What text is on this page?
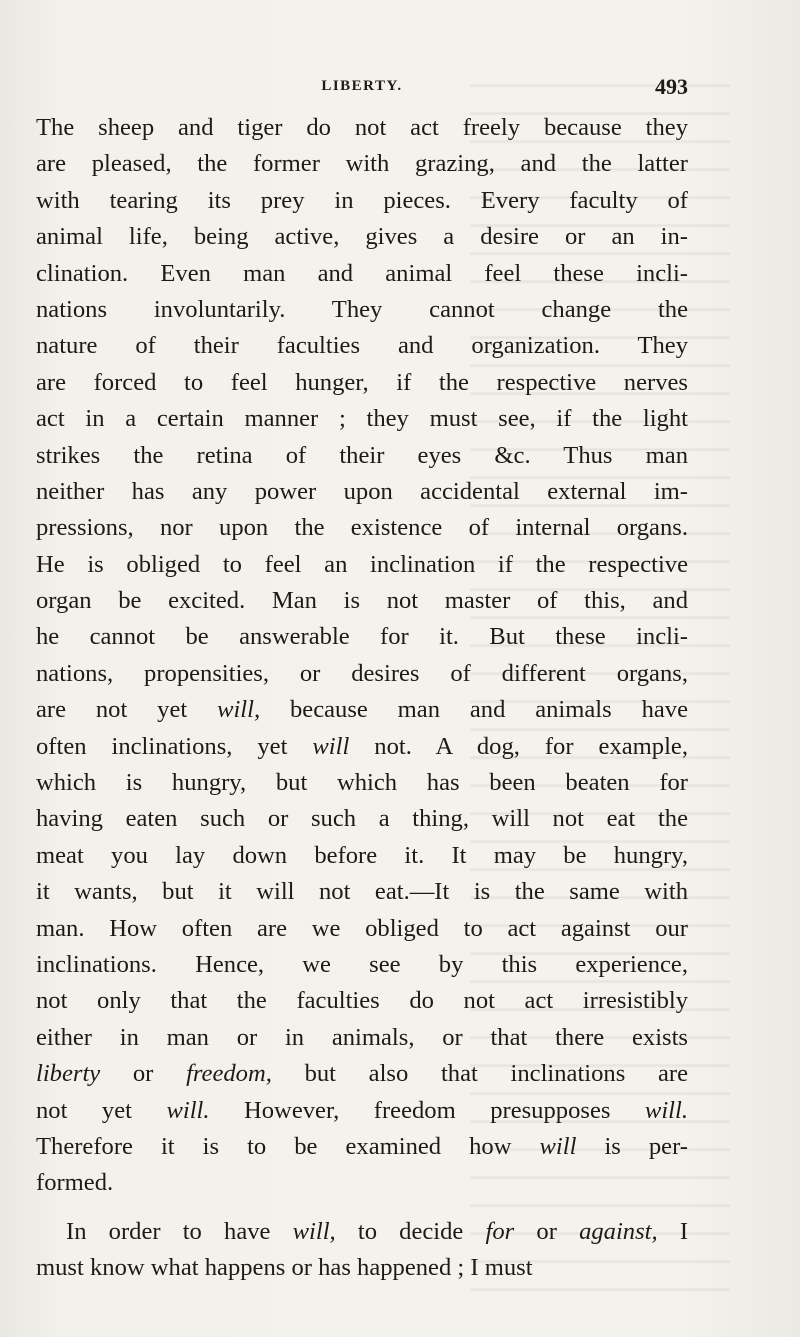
LIBERTY.	493
The sheep and tiger do not act freely because they
are pleased, the former with grazing, and the latter
with tearing its prey in pieces. Every faculty of
animal life, being active, gives a desire or an in-
clination. Even man and animal feel these incli-
nations involuntarily. They cannot change the
nature of their faculties and organization. They
are forced to feel hunger, if the respective nerves
act in a certain manner ; they must see, if the light
strikes the retina of their eyes &c. Thus man
neither has any power upon accidental external im-
pressions, nor upon the existence of internal organs.
He is obliged to feel an inclination if the respective
organ be excited. Man is not master of this, and
he cannot be answerable for it. But these incli-
nations, propensities, or desires of different organs,
are not yet will, because man and animals have
often inclinations, yet will not. A dog, for example,
which is hungry, but which has been beaten for
having eaten such or such a thing, will not eat the
meat you lay down before it. It may be hungry,
it wants, but it will not eat.—It is the same with
man. How often are we obliged to act against our
inclinations. Hence, we see by this experience,
not only that the faculties do not act irresistibly
either in man or in animals, or that there exists
liberty or freedom, but also that inclinations are
not yet will. However, freedom presupposes will.
Therefore it is to be examined how will is per-
formed.
In order to have will, to decide for or against, I
must know what happens or has happened ; I must
